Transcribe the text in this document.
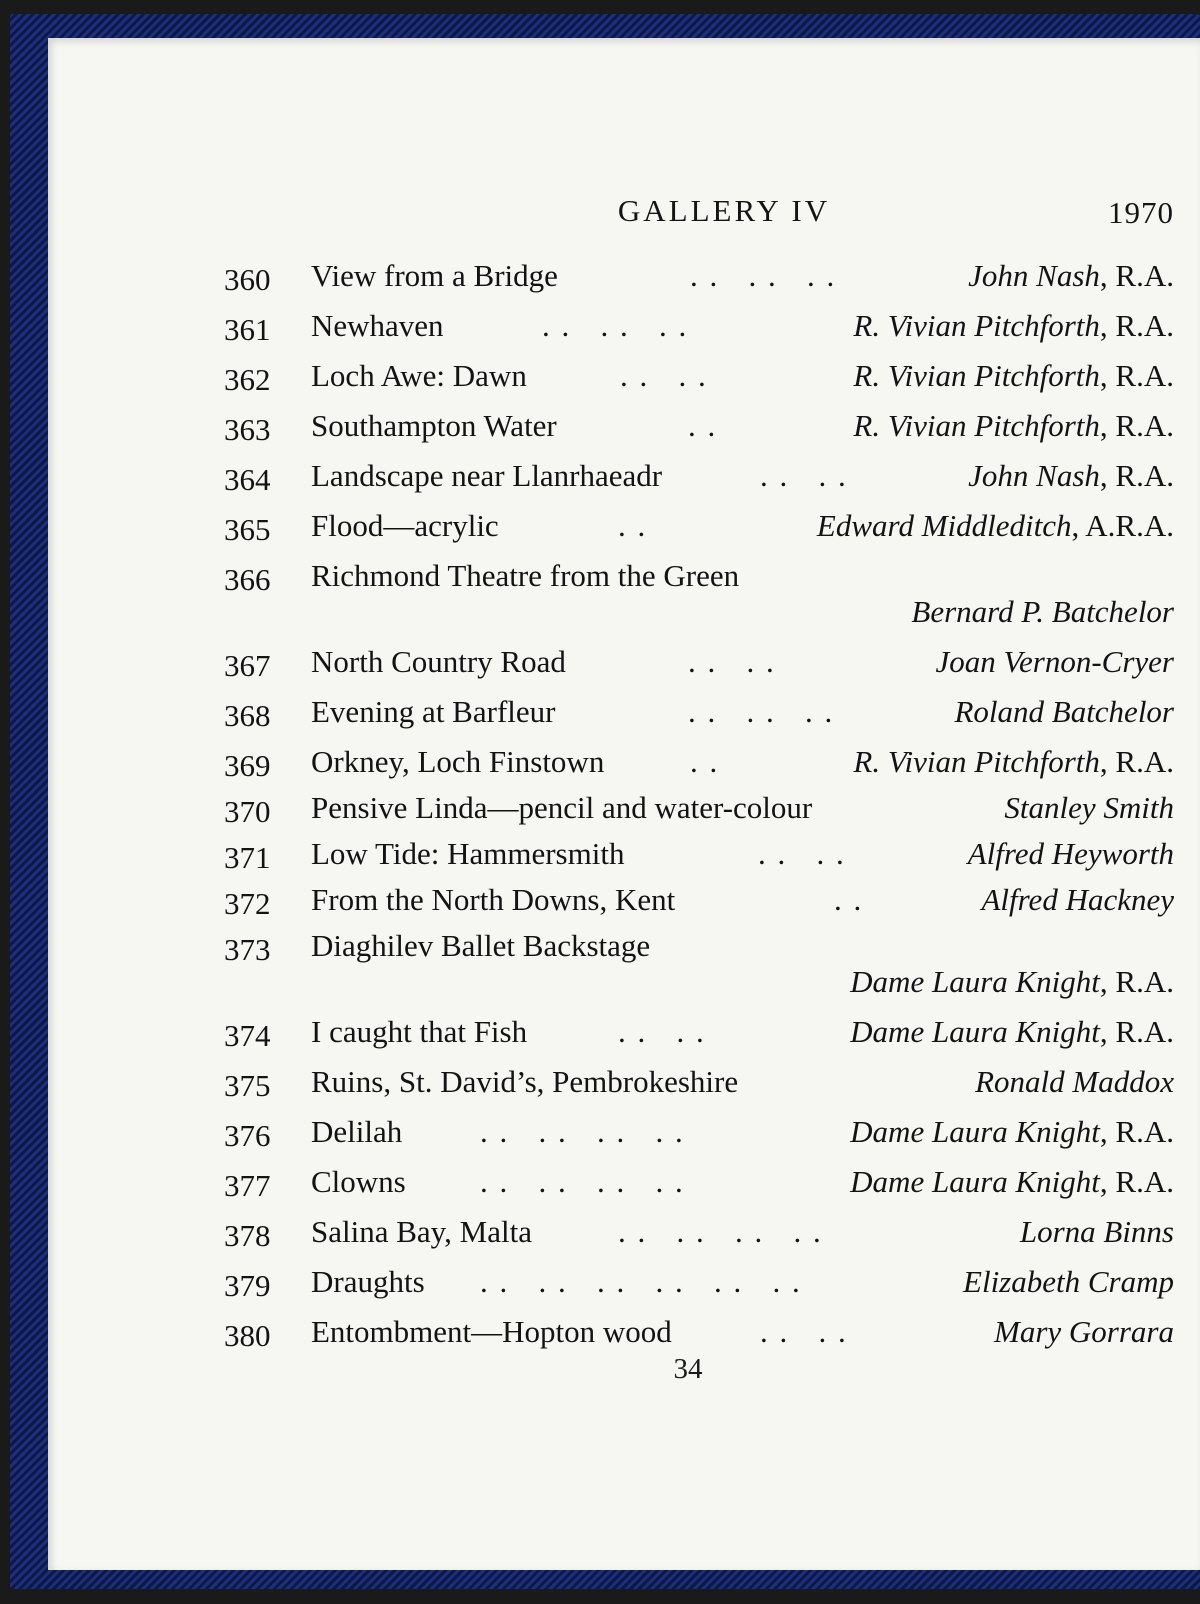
GALLERY IV	1970
360	View from a Bridge	. .   . .   . .	John Nash, R.A.
361	Newhaven	. .   . .   . .	R. Vivian Pitchforth, R.A.
362	Loch Awe: Dawn	. .   . .	R. Vivian Pitchforth, R.A.
363	Southampton Water	. .	R. Vivian Pitchforth, R.A.
364	Landscape near Llanrhaeadr	. .   . .	John Nash, R.A.
365	Flood—acrylic	. .	Edward Middleditch, A.R.A.
366	Richmond Theatre from the Green
Bernard P. Batchelor
367	North Country Road	. .   . .	Joan Vernon-Cryer
368	Evening at Barfleur	. .   . .   . .	Roland Batchelor
369	Orkney, Loch Finstown	. .	R. Vivian Pitchforth, R.A.
370	Pensive Linda—pencil and water-colour	Stanley Smith
371	Low Tide: Hammersmith	. .   . .	Alfred Heyworth
372	From the North Downs, Kent	. .	Alfred Hackney
373	Diaghilev Ballet Backstage
Dame Laura Knight, R.A.
374	I caught that Fish	. .   . .	Dame Laura Knight, R.A.
375	Ruins, St. David’s, Pembrokeshire	Ronald Maddox
376	Delilah	. .   . .   . .   . .	Dame Laura Knight, R.A.
377	Clowns . .   . .   . .   . .	Dame Laura Knight, R.A.
378	Salina Bay, Malta	. .   . .   . .   . .	Lorna Binns
379	Draughts . .   . .   . .   . .   . .   . .	Elizabeth Cramp
380	Entombment—Hopton wood	. .   . .	Mary Gorrara
34
